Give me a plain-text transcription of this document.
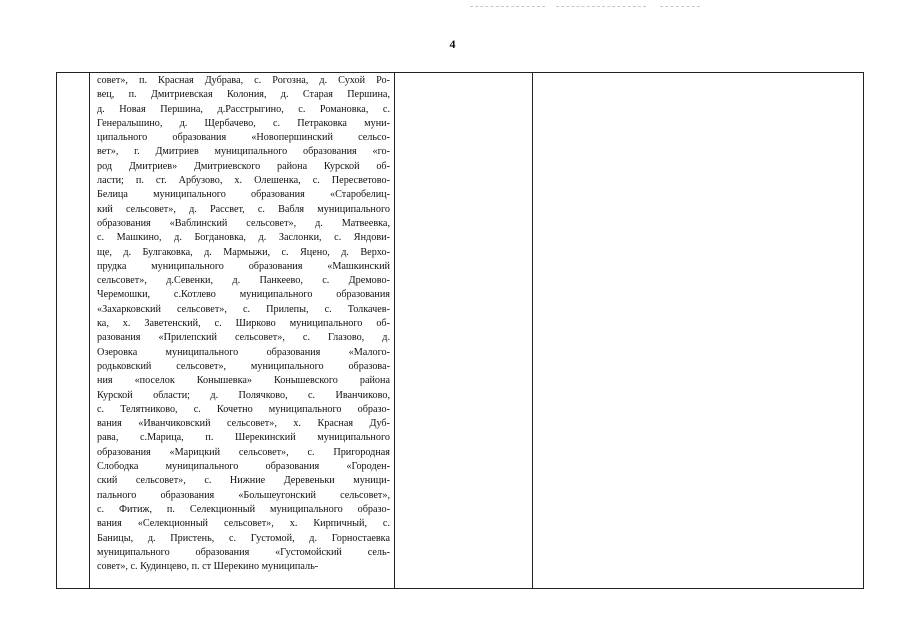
4

совет», п. Красная Дубрава, с. Рогозна, д. Сухой Ро-
вец, п. Дмитриевская Колония, д. Старая Першина,
д. Новая Першина, д.Расстрыгино, с. Романовка, с.
Генеральшино, д. Щербачево, с. Петраковка муни-
ципального образования «Новопершинский сельсо-
вет», г. Дмитриев муниципального образования «го-
род Дмитриев» Дмитриевского района Курской об-
ласти; п. ст. Арбузово, х. Олешенка, с. Пересветово-
Белица муниципального образования «Старобелиц-
кий сельсовет», д. Рассвет, с. Вабля муниципального
образования «Ваблинский сельсовет», д. Матвеевка,
с. Машкино, д. Богдановка, д. Заслонки, с. Яндови-
ще, д. Булгаковка, д. Мармыжи, с. Яцено, д. Верхо-
прудка муниципального образования «Машкинский
сельсовет», д.Севенки, д. Панкеево, с. Дремово-
Черемошки, с.Котлево муниципального образования
«Захарковский сельсовет», с. Прилепы, с. Толкачев-
ка, х. Заветенский, с. Ширково муниципального об-
разования «Прилепский сельсовет», с. Глазово, д.
Озеровка муниципального образования «Малого-
родьковский сельсовет», муниципального образова-
ния «поселок Конышевка» Конышевского района
Курской области; д. Полячково, с. Иванчиково,
с. Телятниково, с. Кочетно муниципального образо-
вания «Иванчиковский сельсовет», х. Красная Дуб-
рава, с.Марица, п. Шерекинский муниципального
образования «Марицкий сельсовет», с. Пригородная
Слободка муниципального образования «Городен-
ский сельсовет», с. Нижние Деревеньки муници-
пального образования «Большеугонский сельсовет»,
с. Фитиж, п. Селекционный муниципального образо-
вания «Селекционный сельсовет», х. Кирпичный, с.
Баницы, д. Пристень, с. Густомой, д. Горностаевка
муниципального образования «Густомойский сель-
совет», с. Кудинцево, п. ст Шерекино муниципаль-
